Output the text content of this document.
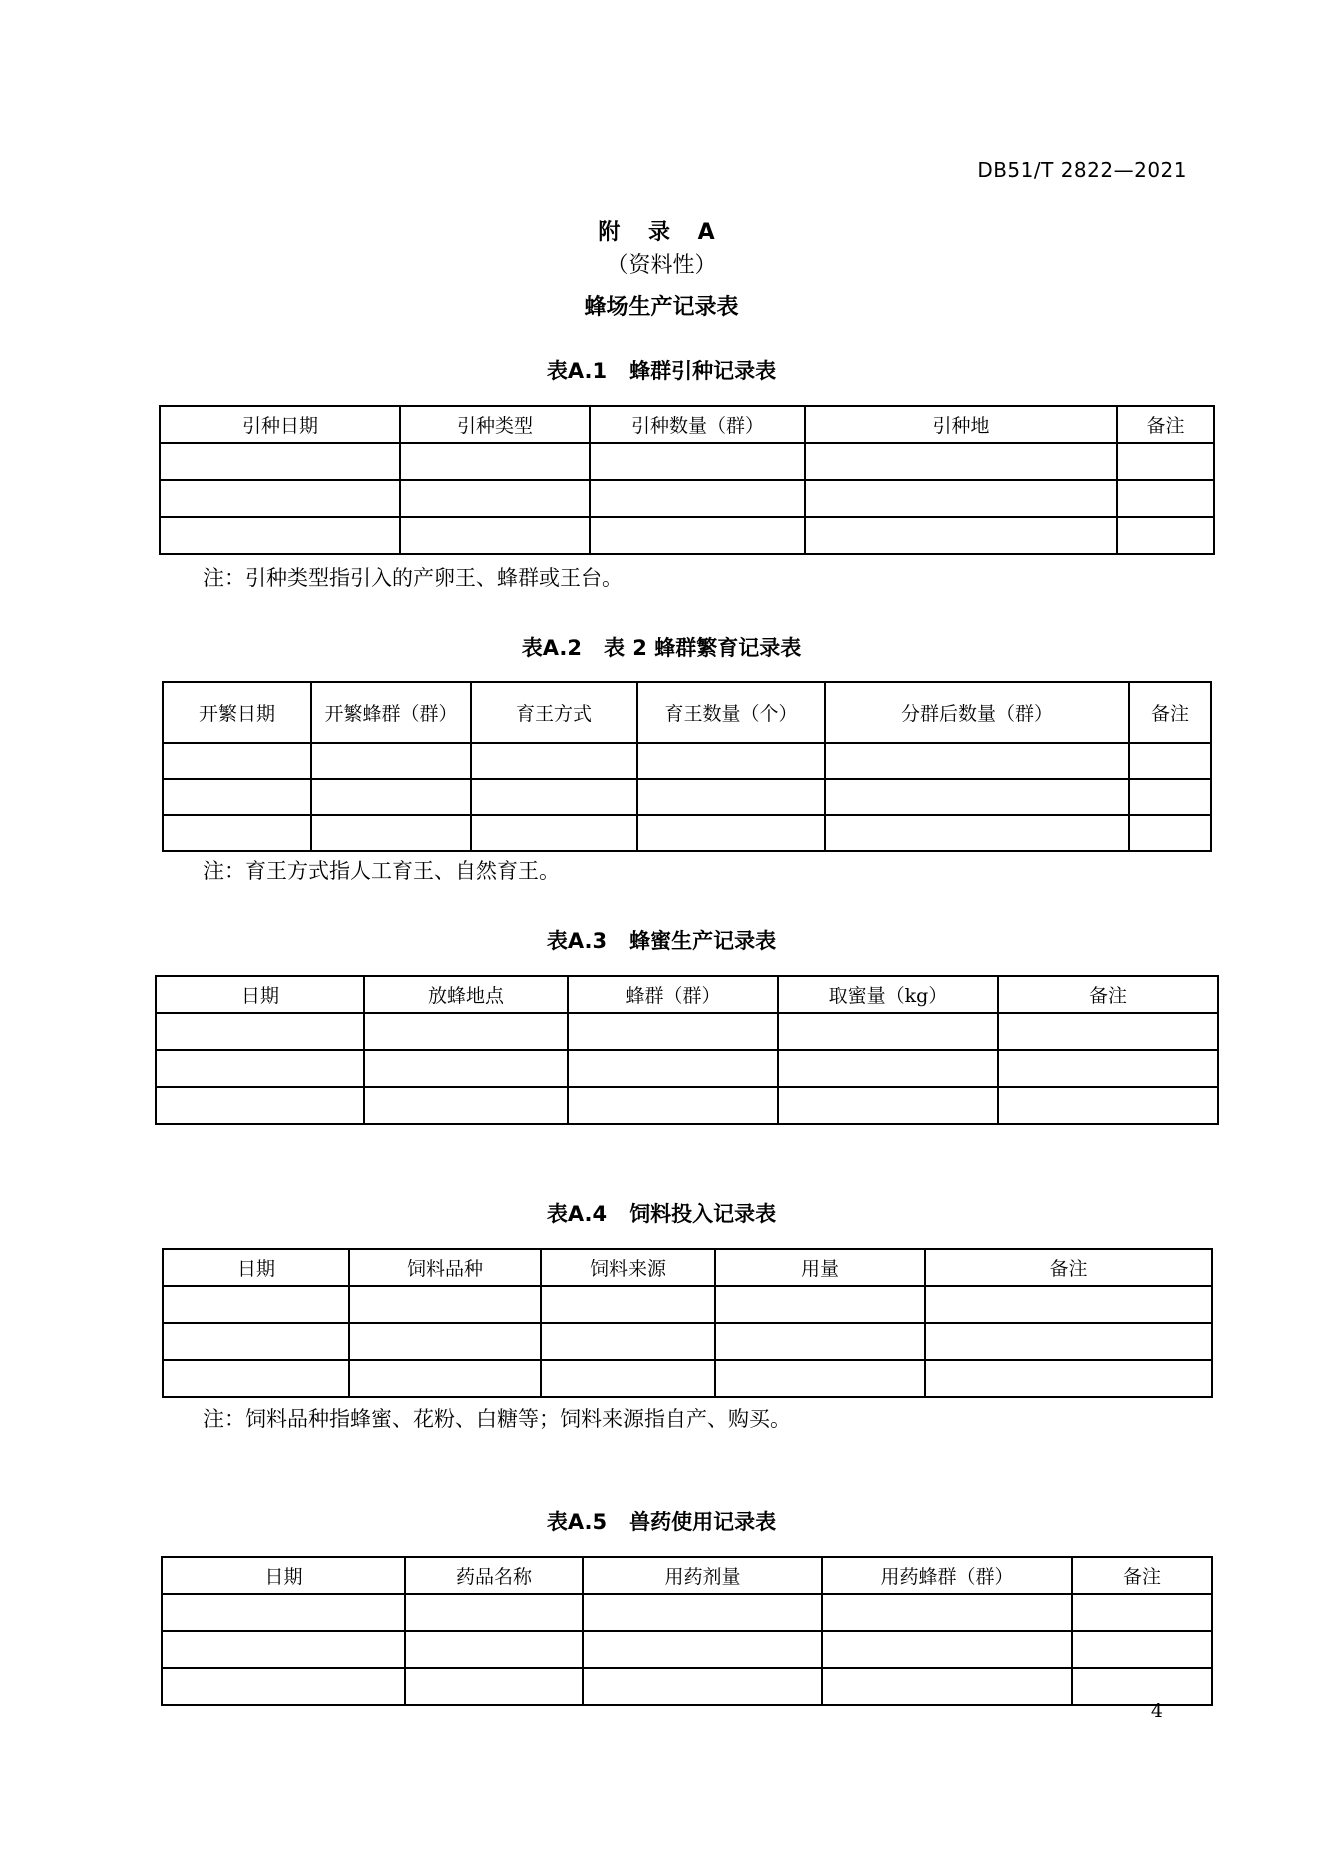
DB51/T 2822—2021
附 录 A
（资料性）
蜂场生产记录表
表A.1 蜂群引种记录表
引种日期	引种类型	引种数量（群）	引种地	备注

注：引种类型指引入的产卵王、蜂群或王台。
表A.2 表 2 蜂群繁育记录表
开繁日期	开繁蜂群（群）	育王方式	育王数量（个）	分群后数量（群）	备注

注：育王方式指人工育王、自然育王。
表A.3 蜂蜜生产记录表
日期	放蜂地点	蜂群（群）	取蜜量（kg）	备注

表A.4 饲料投入记录表
日期	饲料品种	饲料来源	用量	备注

注：饲料品种指蜂蜜、花粉、白糖等；饲料来源指自产、购买。
表A.5 兽药使用记录表
日期	药品名称	用药剂量	用药蜂群（群）	备注

4
